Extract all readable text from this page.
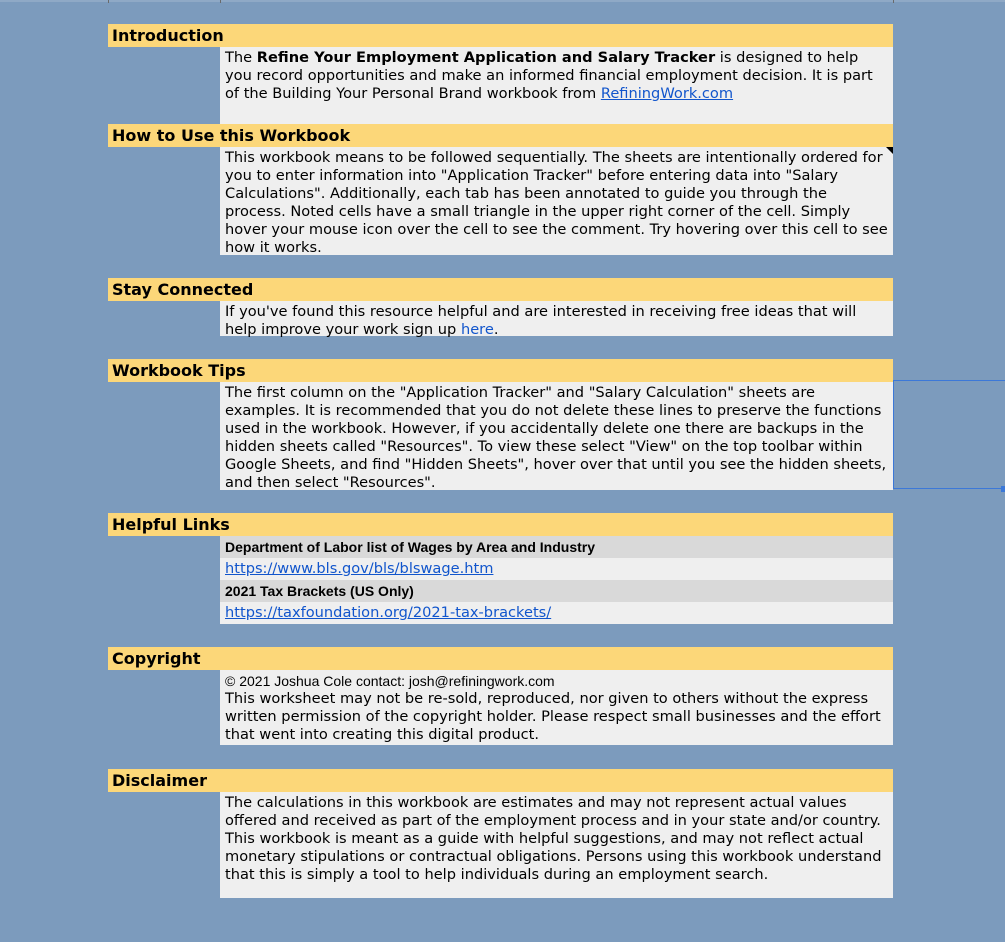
Introduction
The Refine Your Employment Application and Salary Tracker is designed to help you record opportunities and make an informed financial employment decision. It is part of the Building Your Personal Brand workbook from RefiningWork.com
How to Use this Workbook
This workbook means to be followed sequentially. The sheets are intentionally ordered for you to enter information into "Application Tracker" before entering data into "Salary Calculations". Additionally, each tab has been annotated to guide you through the process. Noted cells have a small triangle in the upper right corner of the cell. Simply hover your mouse icon over the cell to see the comment. Try hovering over this cell to see how it works.
Stay Connected
If you've found this resource helpful and are interested in receiving free ideas that will help improve your work sign up here.
Workbook Tips
The first column on the "Application Tracker" and "Salary Calculation" sheets are examples. It is recommended that you do not delete these lines to preserve the functions used in the workbook. However, if you accidentally delete one there are backups in the hidden sheets called "Resources". To view these select "View" on the top toolbar within Google Sheets, and find "Hidden Sheets", hover over that until you see the hidden sheets, and then select "Resources".
Helpful Links
Department of Labor list of Wages by Area and Industry
https://www.bls.gov/bls/blswage.htm
2021 Tax Brackets (US Only)
https://taxfoundation.org/2021-tax-brackets/
Copyright
© 2021 Joshua Cole contact: josh@refiningwork.com
This worksheet may not be re-sold, reproduced, nor given to others without the express written permission of the copyright holder. Please respect small businesses and the effort that went into creating this digital product.
Disclaimer
The calculations in this workbook are estimates and may not represent actual values offered and received as part of the employment process and in your state and/or country. This workbook is meant as a guide with helpful suggestions, and may not reflect actual monetary stipulations or contractual obligations. Persons using this workbook understand that this is simply a tool to help individuals during an employment search.
